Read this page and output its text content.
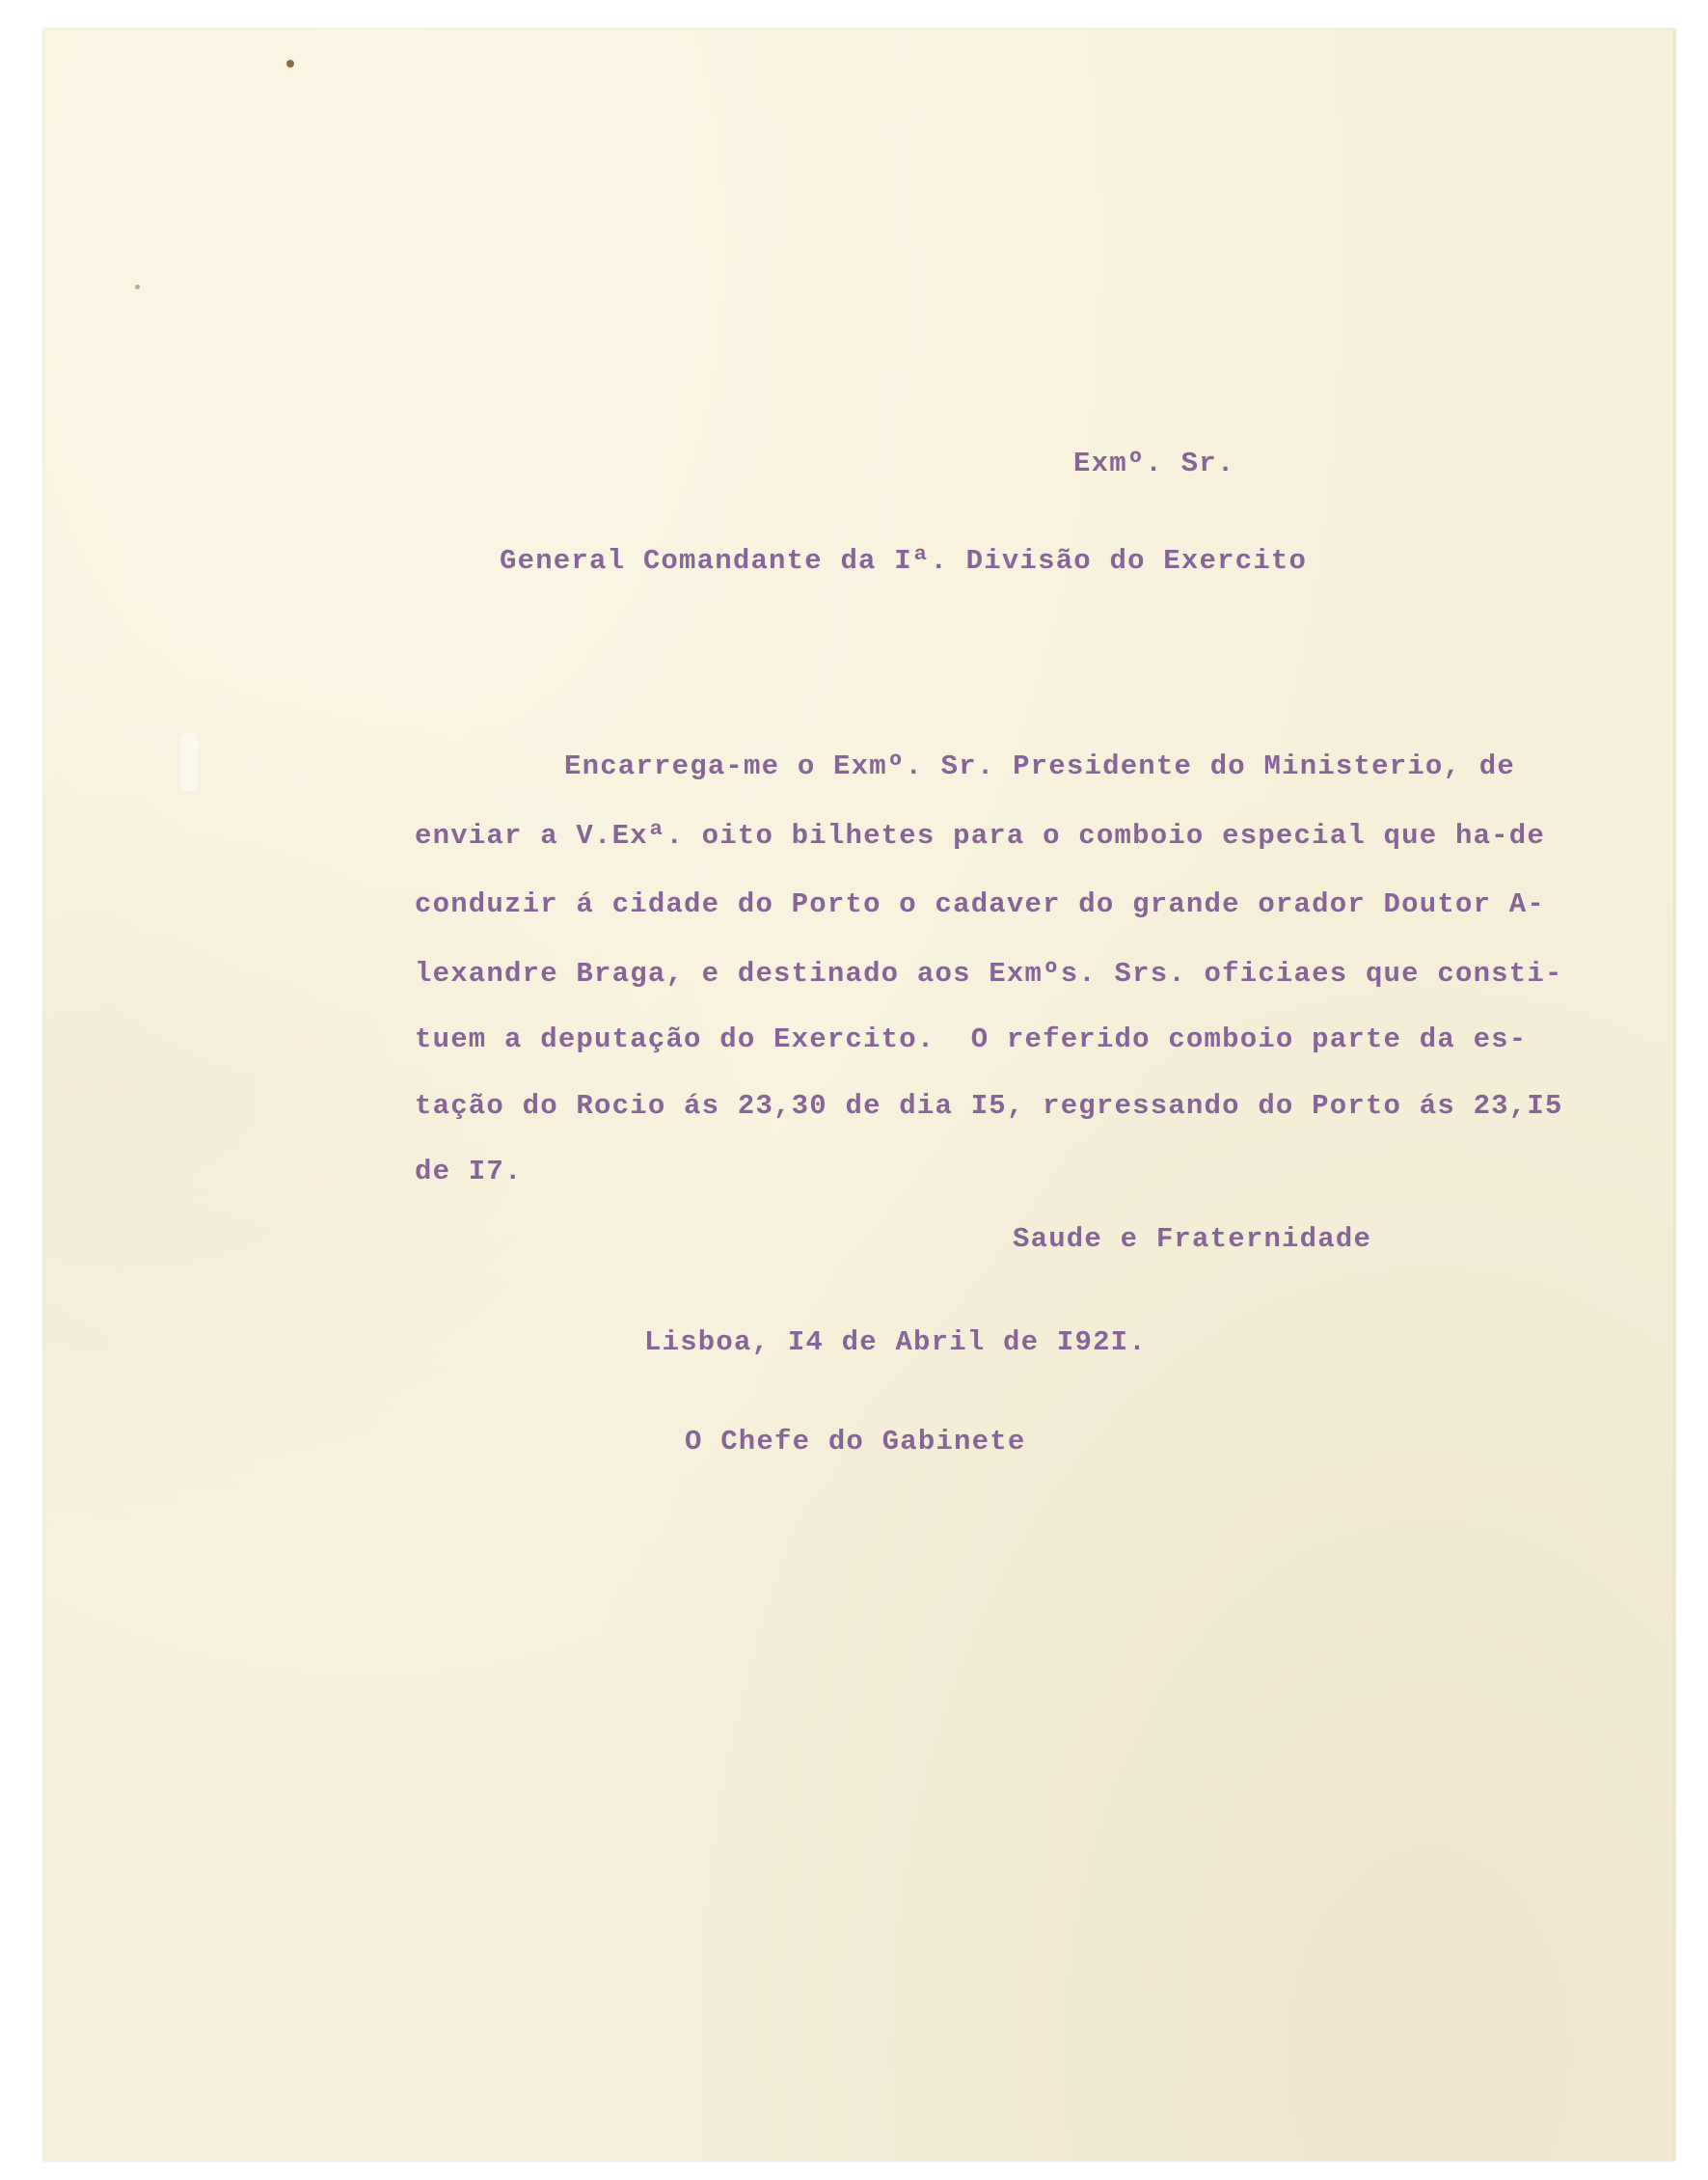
Exmº. Sr.
General Comandante da Iª. Divisão do Exercito
Encarrega-me o Exmº. Sr. Presidente do Ministerio, de
enviar a V.Exª. oito bilhetes para o comboio especial que ha-de
conduzir á cidade do Porto o cadaver do grande orador Doutor A-
lexandre Braga, e destinado aos Exmºs. Srs. oficiaes que consti-
tuem a deputação do Exercito.  O referido comboio parte da es-
tação do Rocio ás 23,30 de dia I5, regressando do Porto ás 23,I5
de I7.
Saude e Fraternidade
Lisboa, I4 de Abril de I92I.
O Chefe do Gabinete
